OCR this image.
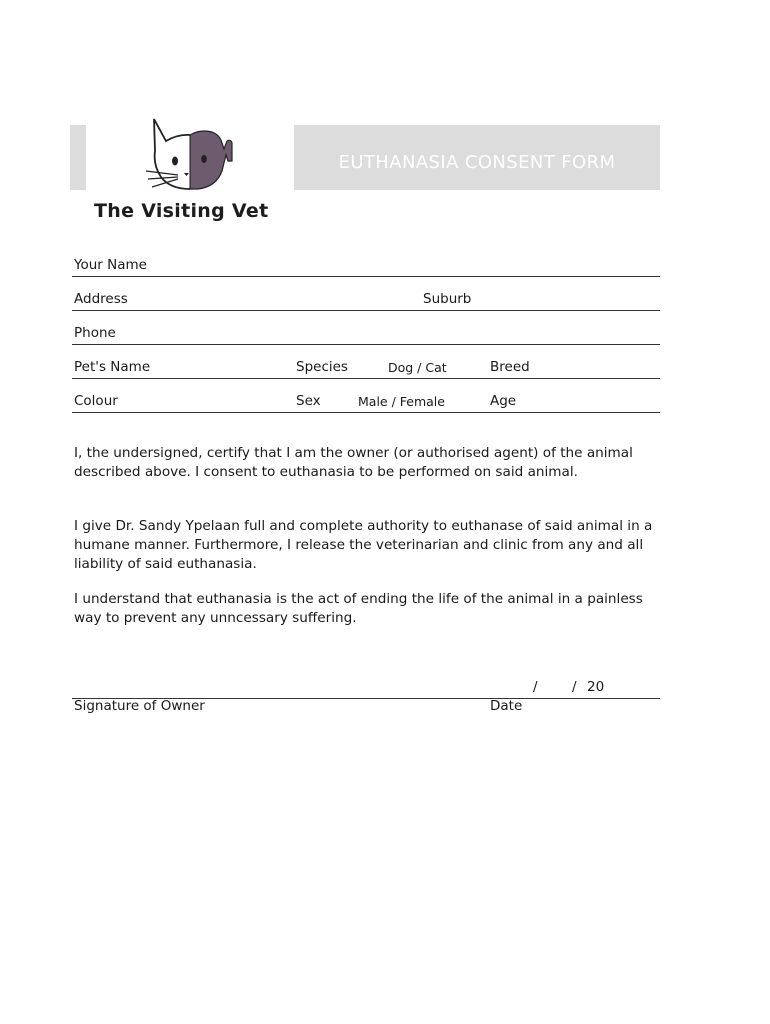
The Visiting Vet
EUTHANASIA CONSENT FORM
Your Name
Address	Suburb
Phone
Pet's Name	Species	Dog / Cat	Breed
Colour	Sex	Male / Female	Age
I, the undersigned, certify that I am the owner (or authorised agent) of the animal described above. I consent to euthanasia to be performed on said animal.
I give Dr. Sandy Ypelaan full and complete authority to euthanase of said animal in a humane manner. Furthermore, I release the veterinarian and clinic from any and all liability of said euthanasia.
I understand that euthanasia is the act of ending the life of the animal in a painless way to prevent any unncessary suffering.
/	/ 20
Signature of Owner	Date
